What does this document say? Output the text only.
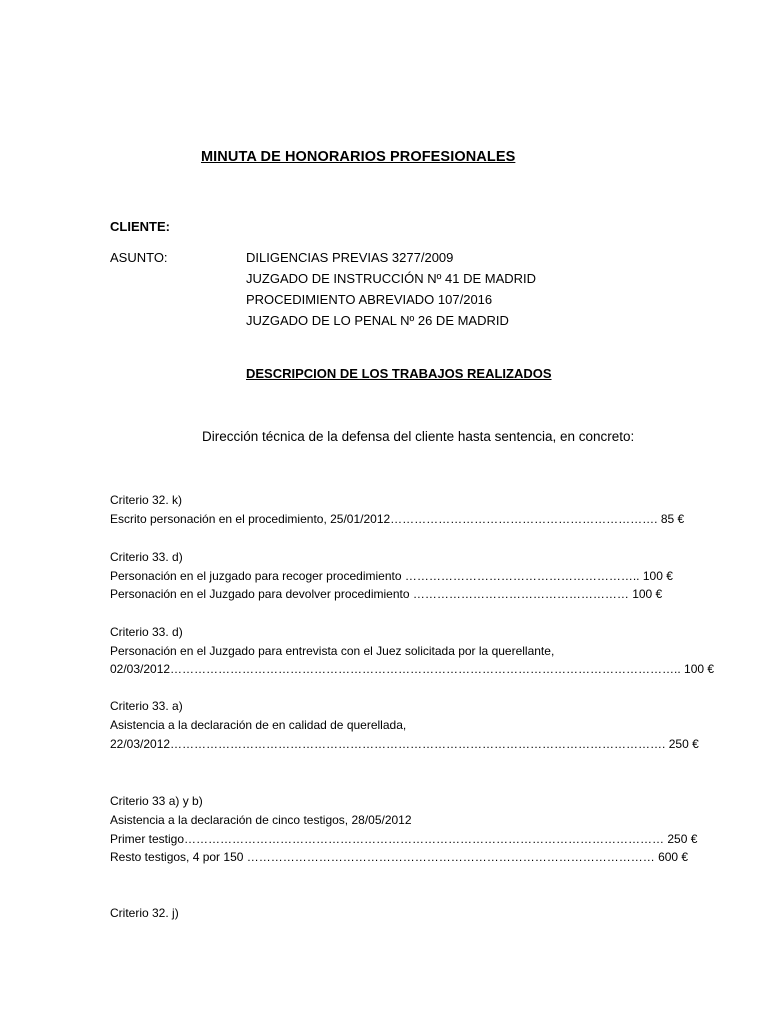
MINUTA DE HONORARIOS PROFESIONALES
CLIENTE:
ASUNTO:	DILIGENCIAS PREVIAS 3277/2009
JUZGADO DE INSTRUCCIÓN Nº 41 DE MADRID
PROCEDIMIENTO ABREVIADO 107/2016
JUZGADO DE LO PENAL Nº 26 DE MADRID
DESCRIPCION DE LOS TRABAJOS REALIZADOS
Dirección técnica de la defensa del cliente hasta sentencia, en concreto:
Criterio 32. k)
Escrito personación en el procedimiento, 25/01/2012…………………………………………………………. 85 €
Criterio 33. d)
Personación en el juzgado para recoger procedimiento ………………………………………………….. 100 €
Personación en el Juzgado para devolver procedimiento ……………………………………………… 100 €
Criterio 33. d)
Personación en el Juzgado para entrevista con el Juez solicitada por la querellante,
02/03/2012……………………………………………………………………………………………………………….. 100 €
Criterio 33. a)
Asistencia a la declaración de en calidad de querellada,
22/03/2012……………………………………………………………………………………………………………. 250 €
Criterio 33 a) y b)
Asistencia a la declaración de cinco testigos, 28/05/2012
Primer testigo………………………………………………………………………………………………………… 250 €
Resto testigos, 4 por 150 ………………………………………………………………………………………… 600 €
Criterio 32. j)
